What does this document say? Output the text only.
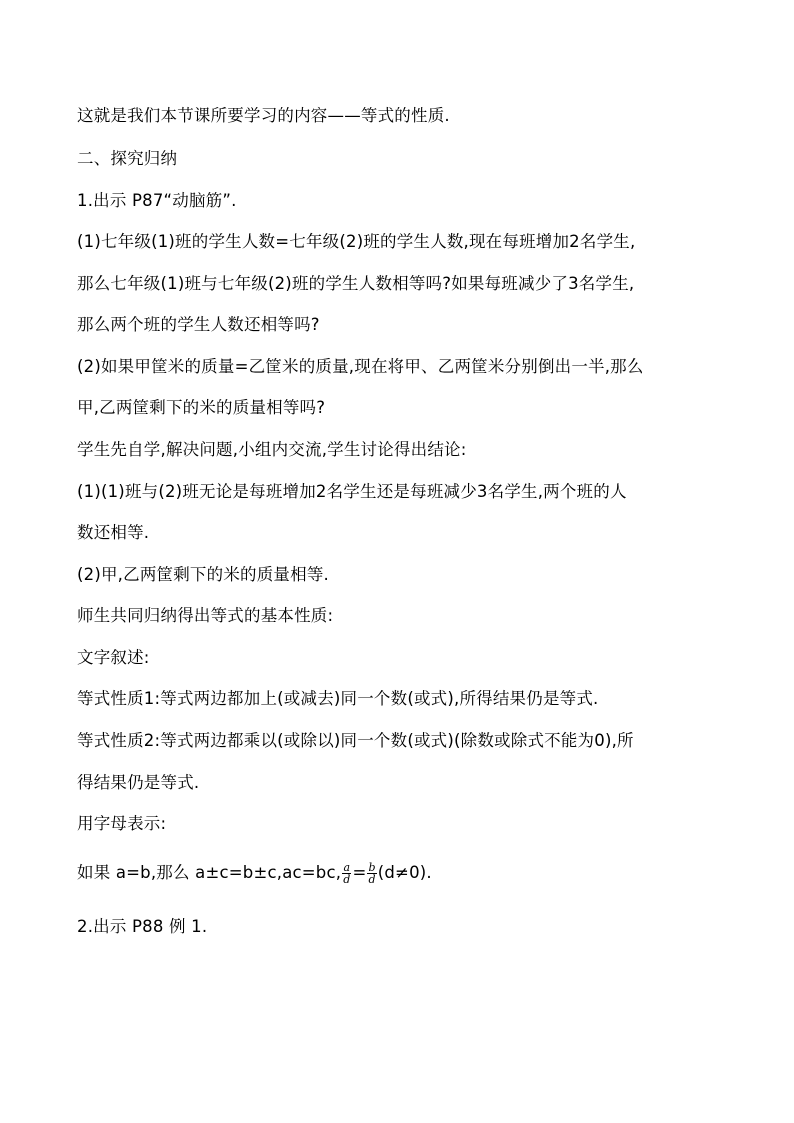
这就是我们本节课所要学习的内容——等式的性质.
二、探究归纳
1.出示 P87“动脑筋”.
(1)七年级(1)班的学生人数=七年级(2)班的学生人数,现在每班增加2名学生,
那么七年级(1)班与七年级(2)班的学生人数相等吗?如果每班减少了3名学生,
那么两个班的学生人数还相等吗?
(2)如果甲筐米的质量=乙筐米的质量,现在将甲、乙两筐米分别倒出一半,那么
甲,乙两筐剩下的米的质量相等吗?
学生先自学,解决问题,小组内交流,学生讨论得出结论:
(1)(1)班与(2)班无论是每班增加2名学生还是每班减少3名学生,两个班的人
数还相等.
(2)甲,乙两筐剩下的米的质量相等.
师生共同归纳得出等式的基本性质:
文字叙述:
等式性质1:等式两边都加上(或减去)同一个数(或式),所得结果仍是等式.
等式性质2:等式两边都乘以(或除以)同一个数(或式)(除数或除式不能为0),所
得结果仍是等式.
用字母表示:
如果 a=b,那么 a±c=b±c,ac=bc, $\frac{a}{d} = \frac{b}{d} (d\ne 0)$.
2.出示 P88 例 1.
